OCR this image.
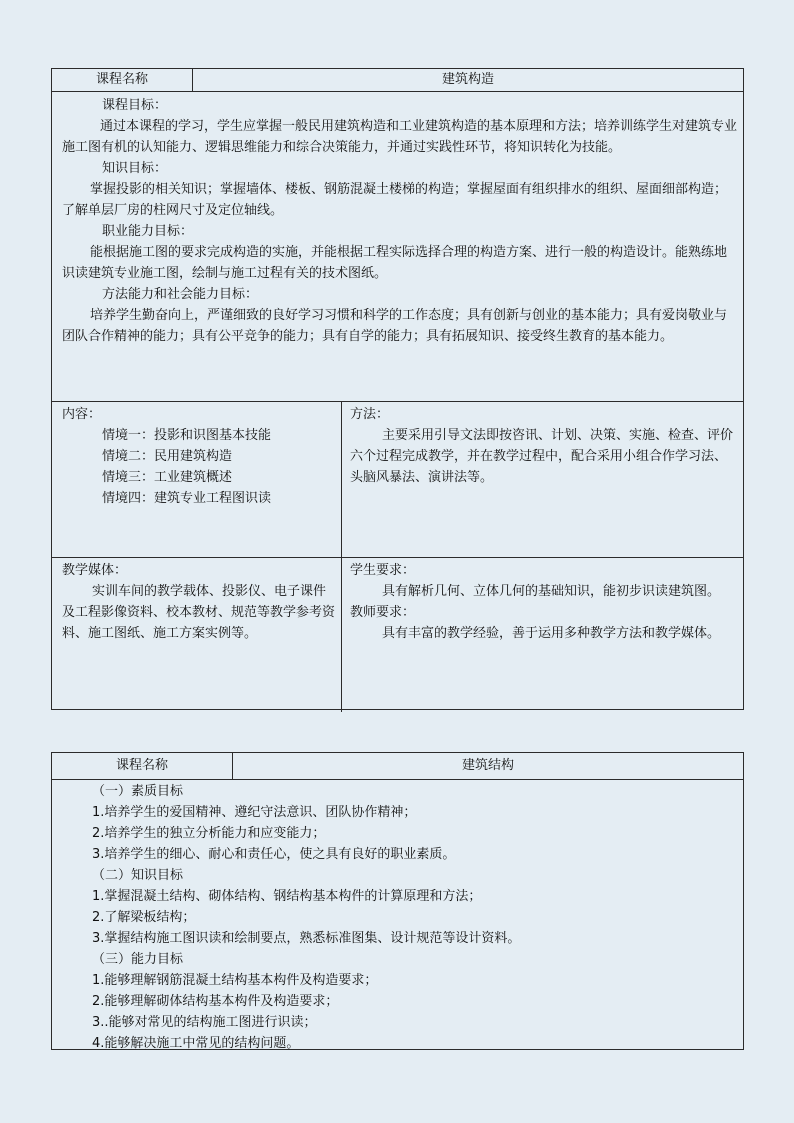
课程名称	建筑构造

课程目标：

通过本课程的学习，学生应掌握一般民用建筑构造和工业建筑构造的基本原理和方法；培养训练学生对建筑专业施工图有机的认知能力、逻辑思维能力和综合决策能力，并通过实践性环节，将知识转化为技能。

知识目标：

掌握投影的相关知识；掌握墙体、楼板、钢筋混凝土楼梯的构造；掌握屋面有组织排水的组织、屋面细部构造；了解单层厂房的柱网尺寸及定位轴线。

职业能力目标：

能根据施工图的要求完成构造的实施，并能根据工程实际选择合理的构造方案、进行一般的构造设计。能熟练地识读建筑专业施工图，绘制与施工过程有关的技术图纸。

方法能力和社会能力目标：

培养学生勤奋向上，严谨细致的良好学习习惯和科学的工作态度；具有创新与创业的基本能力；具有爱岗敬业与团队合作精神的能力；具有公平竞争的能力；具有自学的能力；具有拓展知识、接受终生教育的基本能力。

内容：

情境一：投影和识图基本技能

情境二：民用建筑构造

情境三：工业建筑概述

情境四：建筑专业工程图识读

方法：

主要采用引导文法即按咨讯、计划、决策、实施、检查、评价六个过程完成教学，并在教学过程中，配合采用小组合作学习法、头脑风暴法、演讲法等。

教学媒体：

实训车间的教学载体、投影仪、电子课件及工程影像资料、校本教材、规范等教学参考资料、施工图纸、施工方案实例等。

学生要求：

具有解析几何、立体几何的基础知识，能初步识读建筑图。

教师要求：

具有丰富的教学经验，善于运用多种教学方法和教学媒体。

课程名称	建筑结构

（一）素质目标

1.培养学生的爱国精神、遵纪守法意识、团队协作精神；

2.培养学生的独立分析能力和应变能力；

3.培养学生的细心、耐心和责任心，使之具有良好的职业素质。

（二）知识目标

1.掌握混凝土结构、砌体结构、钢结构基本构件的计算原理和方法；

2.了解梁板结构；

3.掌握结构施工图识读和绘制要点，熟悉标准图集、设计规范等设计资料。

（三）能力目标

1.能够理解钢筋混凝土结构基本构件及构造要求；

2.能够理解砌体结构基本构件及构造要求；

3..能够对常见的结构施工图进行识读；

4.能够解决施工中常见的结构问题。
